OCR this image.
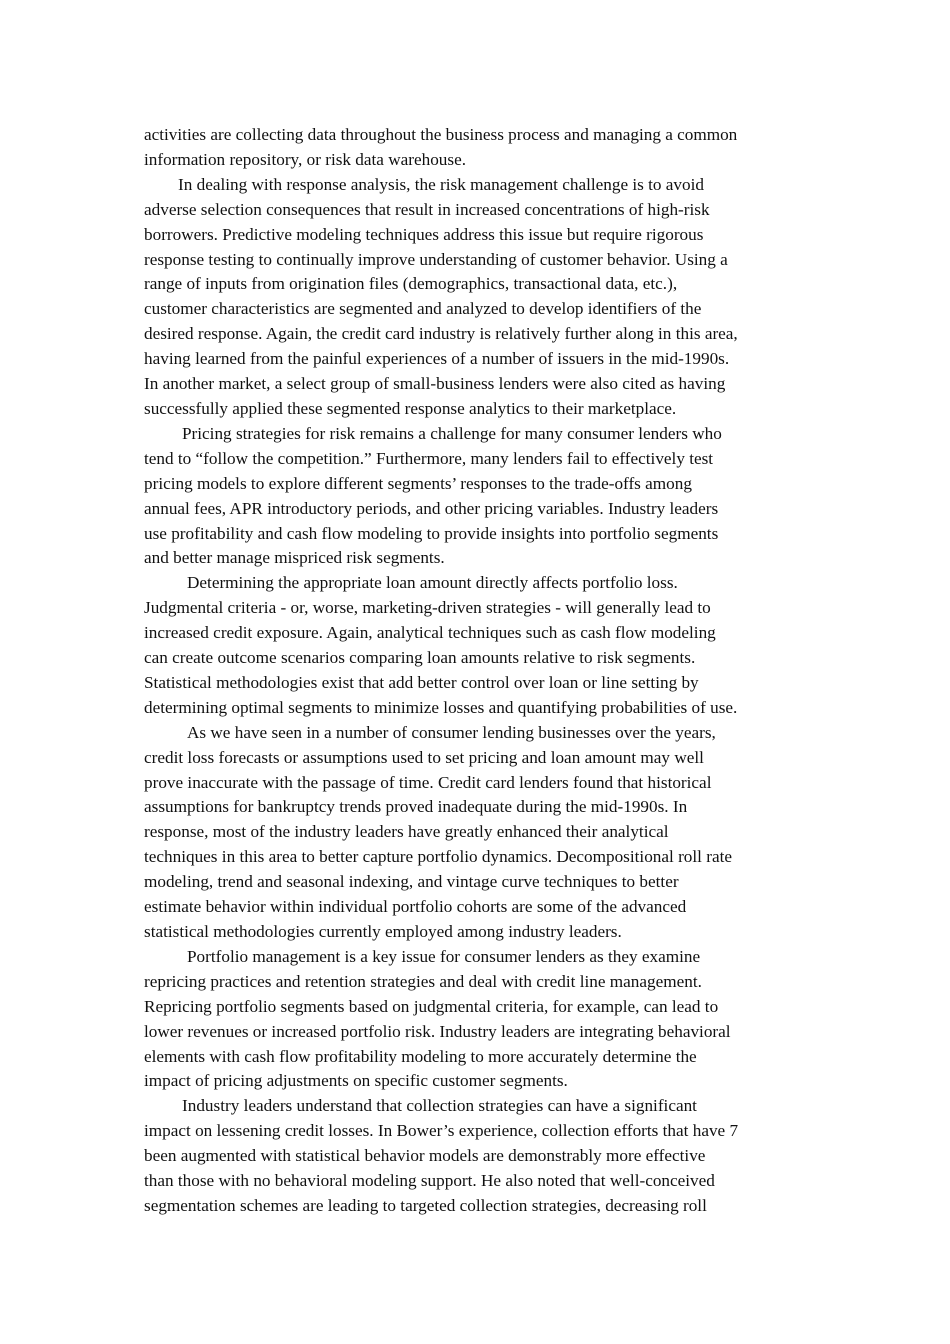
activities are collecting data throughout the business process and managing a common
information repository, or risk data warehouse.
In dealing with response analysis, the risk management challenge is to avoid
adverse selection consequences that result in increased concentrations of high-risk
borrowers. Predictive modeling techniques address this issue but require rigorous
response testing to continually improve understanding of customer behavior. Using a
range of inputs from origination files (demographics, transactional data, etc.),
customer characteristics are segmented and analyzed to develop identifiers of the
desired response. Again, the credit card industry is relatively further along in this area,
having learned from the painful experiences of a number of issuers in the mid-1990s.
In another market, a select group of small-business lenders were also cited as having
successfully applied these segmented response analytics to their marketplace.
Pricing strategies for risk remains a challenge for many consumer lenders who
tend to “follow the competition.” Furthermore, many lenders fail to effectively test
pricing models to explore different segments’ responses to the trade-offs among
annual fees, APR introductory periods, and other pricing variables. Industry leaders
use profitability and cash flow modeling to provide insights into portfolio segments
and better manage mispriced risk segments.
Determining the appropriate loan amount directly affects portfolio loss.
Judgmental criteria - or, worse, marketing-driven strategies - will generally lead to
increased credit exposure. Again, analytical techniques such as cash flow modeling
can create outcome scenarios comparing loan amounts relative to risk segments.
Statistical methodologies exist that add better control over loan or line setting by
determining optimal segments to minimize losses and quantifying probabilities of use.
As we have seen in a number of consumer lending businesses over the years,
credit loss forecasts or assumptions used to set pricing and loan amount may well
prove inaccurate with the passage of time. Credit card lenders found that historical
assumptions for bankruptcy trends proved inadequate during the mid-1990s. In
response, most of the industry leaders have greatly enhanced their analytical
techniques in this area to better capture portfolio dynamics. Decompositional roll rate
modeling, trend and seasonal indexing, and vintage curve techniques to better
estimate behavior within individual portfolio cohorts are some of the advanced
statistical methodologies currently employed among industry leaders.
Portfolio management is a key issue for consumer lenders as they examine
repricing practices and retention strategies and deal with credit line management.
Repricing portfolio segments based on judgmental criteria, for example, can lead to
lower revenues or increased portfolio risk. Industry leaders are integrating behavioral
elements with cash flow profitability modeling to more accurately determine the
impact of pricing adjustments on specific customer segments.
Industry leaders understand that collection strategies can have a significant
impact on lessening credit losses. In Bower’s experience, collection efforts that have 7
been augmented with statistical behavior models are demonstrably more effective
than those with no behavioral modeling support. He also noted that well-conceived
segmentation schemes are leading to targeted collection strategies, decreasing roll
